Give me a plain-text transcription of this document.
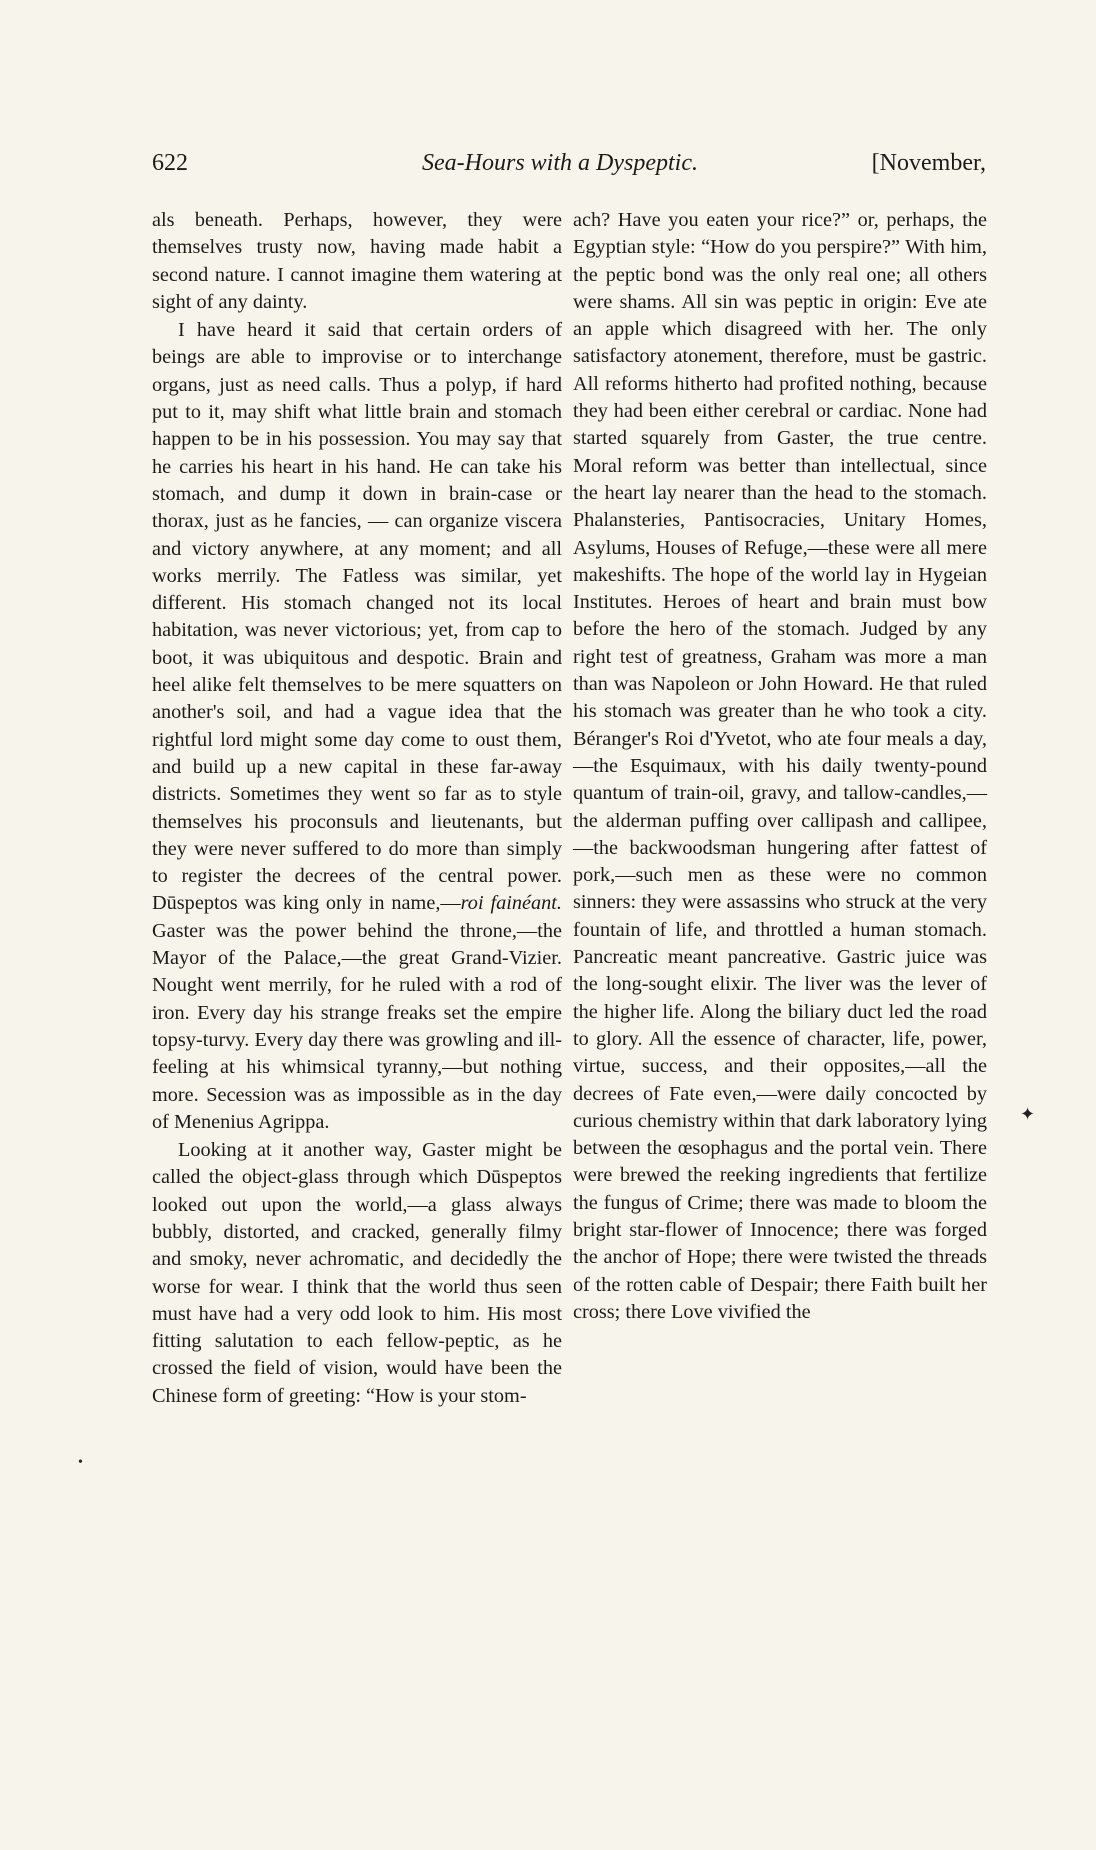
622	Sea-Hours with a Dyspeptic.	[November,

als beneath. Perhaps, however, they were themselves trusty now, having made habit a second nature. I cannot imagine them watering at sight of any dainty.

I have heard it said that certain orders of beings are able to improvise or to interchange organs, just as need calls. Thus a polyp, if hard put to it, may shift what little brain and stomach happen to be in his possession. You may say that he carries his heart in his hand. He can take his stomach, and dump it down in brain-case or thorax, just as he fancies, — can organize viscera and victory anywhere, at any moment; and all works merrily. The Fatless was similar, yet different. His stomach changed not its local habitation, was never victorious; yet, from cap to boot, it was ubiquitous and despotic. Brain and heel alike felt themselves to be mere squatters on another's soil, and had a vague idea that the rightful lord might some day come to oust them, and build up a new capital in these far-away districts. Sometimes they went so far as to style themselves his proconsuls and lieutenants, but they were never suffered to do more than simply to register the decrees of the central power. Dūspeptos was king only in name,—roi fainéant. Gaster was the power behind the throne,—the Mayor of the Palace,—the great Grand-Vizier. Nought went merrily, for he ruled with a rod of iron. Every day his strange freaks set the empire topsy-turvy. Every day there was growling and ill-feeling at his whimsical tyranny,—but nothing more. Secession was as impossible as in the day of Menenius Agrippa.

Looking at it another way, Gaster might be called the object-glass through which Dūspeptos looked out upon the world,—a glass always bubbly, distorted, and cracked, generally filmy and smoky, never achromatic, and decidedly the worse for wear. I think that the world thus seen must have had a very odd look to him. His most fitting salutation to each fellow-peptic, as he crossed the field of vision, would have been the Chinese form of greeting: “How is your stom-

ach? Have you eaten your rice?” or, perhaps, the Egyptian style: “How do you perspire?” With him, the peptic bond was the only real one; all others were shams. All sin was peptic in origin: Eve ate an apple which disagreed with her. The only satisfactory atonement, therefore, must be gastric. All reforms hitherto had profited nothing, because they had been either cerebral or cardiac. None had started squarely from Gaster, the true centre. Moral reform was better than intellectual, since the heart lay nearer than the head to the stomach. Phalansteries, Pantisocracies, Unitary Homes, Asylums, Houses of Refuge,—these were all mere makeshifts. The hope of the world lay in Hygeian Institutes. Heroes of heart and brain must bow before the hero of the stomach. Judged by any right test of greatness, Graham was more a man than was Napoleon or John Howard. He that ruled his stomach was greater than he who took a city. Béranger's Roi d'Yvetot, who ate four meals a day,—the Esquimaux, with his daily twenty-pound quantum of train-oil, gravy, and tallow-candles,—the alderman puffing over callipash and callipee,—the backwoodsman hungering after fattest of pork,—such men as these were no common sinners: they were assassins who struck at the very fountain of life, and throttled a human stomach. Pancreatic meant pancreative. Gastric juice was the long-sought elixir. The liver was the lever of the higher life. Along the biliary duct led the road to glory. All the essence of character, life, power, virtue, success, and their opposites,—all the decrees of Fate even,—were daily concocted by curious chemistry within that dark laboratory lying between the œsophagus and the portal vein. There were brewed the reeking ingredients that fertilize the fungus of Crime; there was made to bloom the bright star-flower of Innocence; there was forged the anchor of Hope; there were twisted the threads of the rotten cable of Despair; there Faith built her cross; there Love vivified the

✦
•
